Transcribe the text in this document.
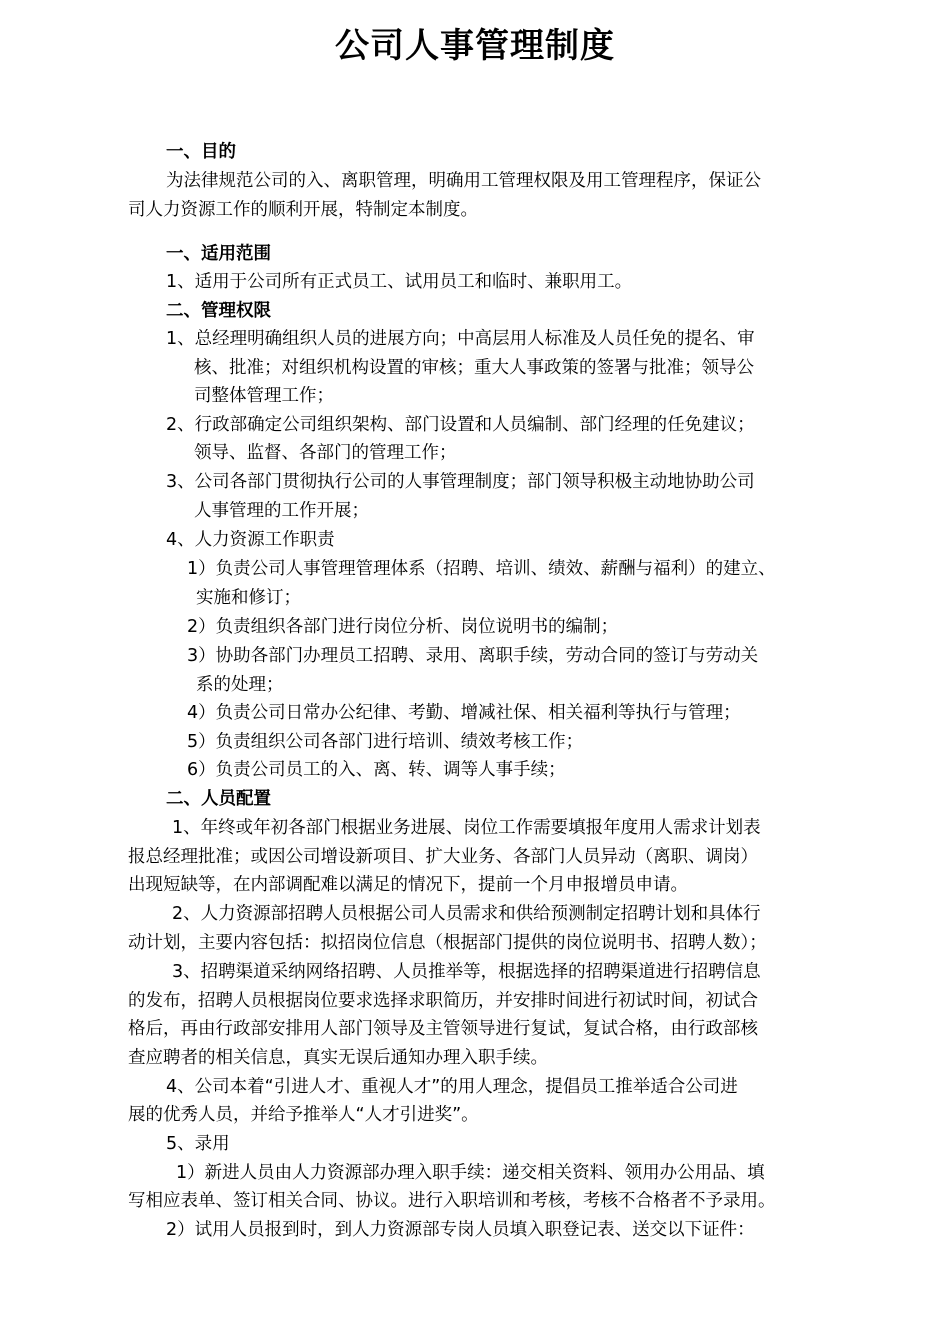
公司人事管理制度
一、目的
为法律规范公司的入、离职管理，明确用工管理权限及用工管理程序，保证公
司人力资源工作的顺利开展，特制定本制度。
一、适用范围
1、适用于公司所有正式员工、试用员工和临时、兼职用工。
二、管理权限
1、总经理明确组织人员的进展方向；中高层用人标准及人员任免的提名、审
核、批准；对组织机构设置的审核；重大人事政策的签署与批准；领导公
司整体管理工作；
2、行政部确定公司组织架构、部门设置和人员编制、部门经理的任免建议；
领导、监督、各部门的管理工作；
3、公司各部门贯彻执行公司的人事管理制度；部门领导积极主动地协助公司
人事管理的工作开展；
4、人力资源工作职责
1）负责公司人事管理管理体系（招聘、培训、绩效、薪酬与福利）的建立、
实施和修订；
2）负责组织各部门进行岗位分析、岗位说明书的编制；
3）协助各部门办理员工招聘、录用、离职手续，劳动合同的签订与劳动关
系的处理；
4）负责公司日常办公纪律、考勤、增减社保、相关福利等执行与管理；
5）负责组织公司各部门进行培训、绩效考核工作；
6）负责公司员工的入、离、转、调等人事手续；
二、人员配置
1、年终或年初各部门根据业务进展、岗位工作需要填报年度用人需求计划表
报总经理批准；或因公司增设新项目、扩大业务、各部门人员异动（离职、调岗）
出现短缺等，在内部调配难以满足的情况下，提前一个月申报增员申请。
2、人力资源部招聘人员根据公司人员需求和供给预测制定招聘计划和具体行
动计划，主要内容包括：拟招岗位信息（根据部门提供的岗位说明书、招聘人数）；
3、招聘渠道采纳网络招聘、人员推举等，根据选择的招聘渠道进行招聘信息
的发布，招聘人员根据岗位要求选择求职简历，并安排时间进行初试时间，初试合
格后，再由行政部安排用人部门领导及主管领导进行复试，复试合格，由行政部核
查应聘者的相关信息，真实无误后通知办理入职手续。
4、公司本着“引进人才、重视人才”的用人理念，提倡员工推举适合公司进
展的优秀人员，并给予推举人“人才引进奖”。
5、录用
1）新进人员由人力资源部办理入职手续：递交相关资料、领用办公用品、填
写相应表单、签订相关合同、协议。进行入职培训和考核，考核不合格者不予录用。
2）试用人员报到时，到人力资源部专岗人员填入职登记表、送交以下证件：
